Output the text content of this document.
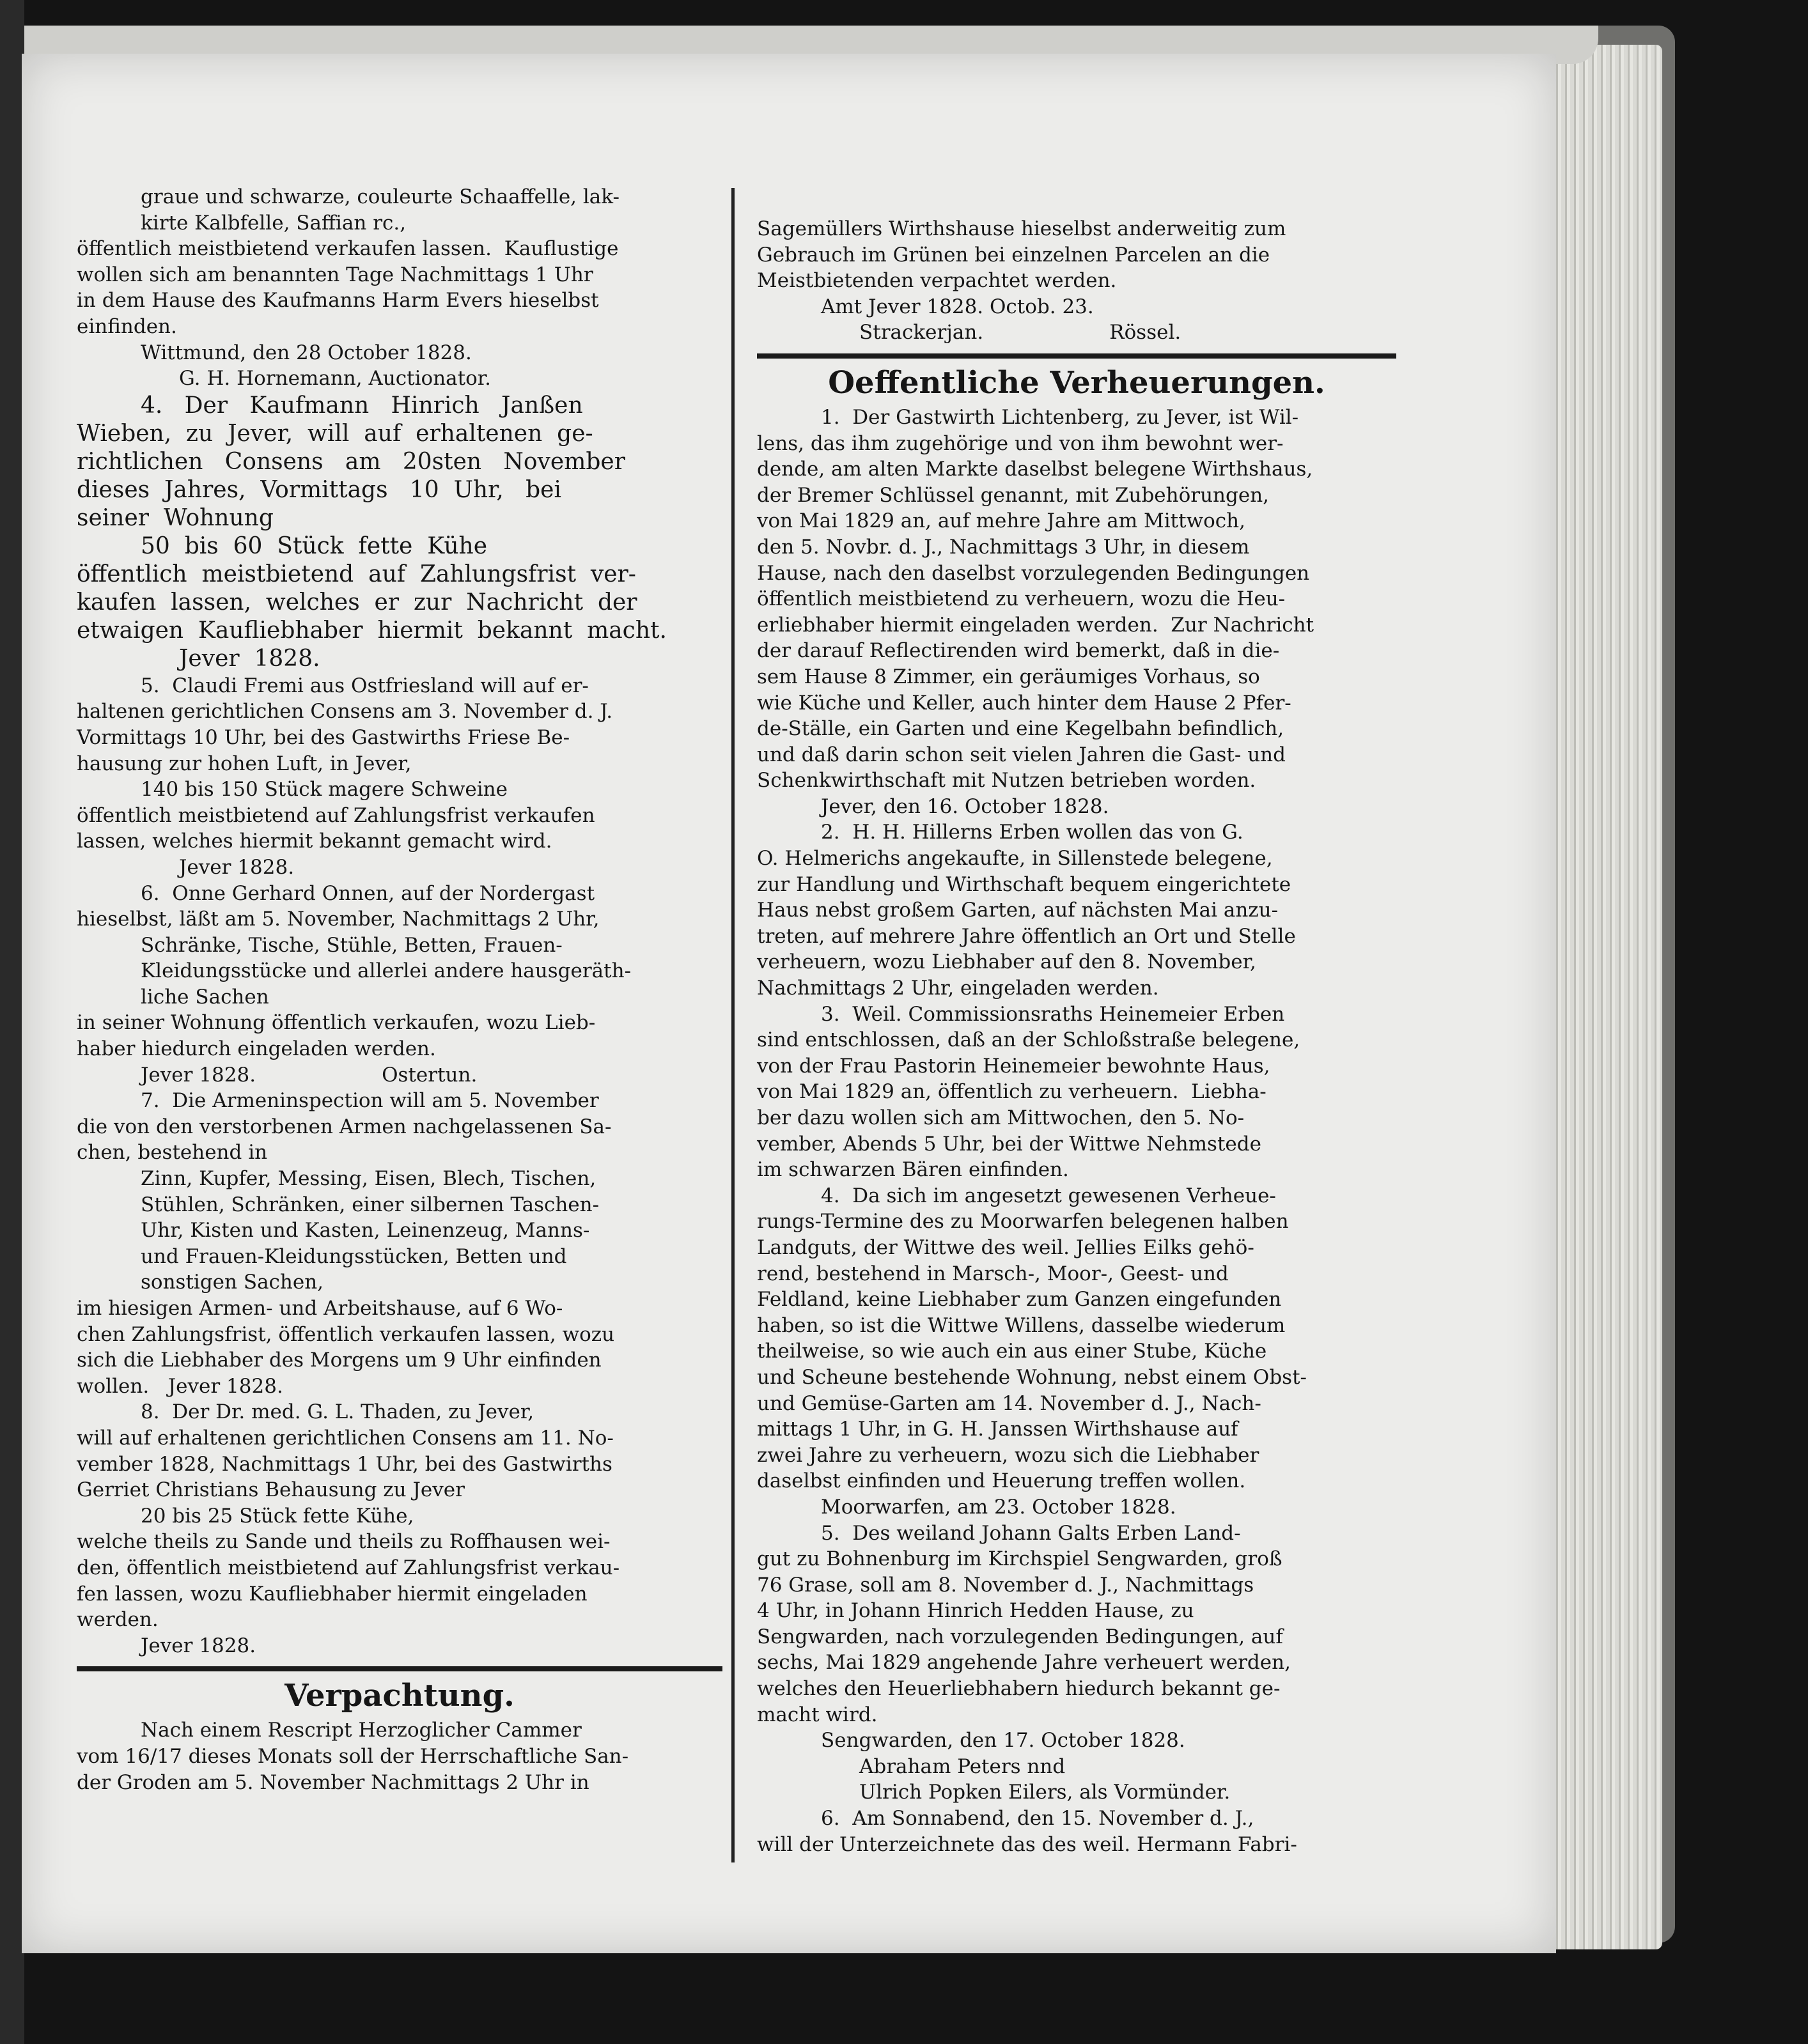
graue und schwarze, couleurte Schaaffelle, lak-

kirte Kalbfelle, Saffian rc.,

öffentlich meistbietend verkaufen lassen.  Kauflustige

wollen sich am benannten Tage Nachmittags 1 Uhr

in dem Hause des Kaufmanns Harm Evers hieselbst

einfinden.

Wittmund, den 28 October 1828.

G. H. Hornemann, Auctionator.

4.   Der   Kaufmann   Hinrich   Janßen

Wieben,  zu  Jever,  will  auf  erhaltenen  ge-

richtlichen   Consens   am   20sten   November

dieses  Jahres,  Vormittags   10  Uhr,   bei

seiner  Wohnung

50  bis  60  Stück  fette  Kühe

öffentlich  meistbietend  auf  Zahlungsfrist  ver-

kaufen  lassen,  welches  er  zur  Nachricht  der

etwaigen  Kaufliebhaber  hiermit  bekannt  macht.

Jever  1828.

5.  Claudi Fremi aus Ostfriesland will auf er-

haltenen gerichtlichen Consens am 3. November d. J.

Vormittags 10 Uhr, bei des Gastwirths Friese Be-

hausung zur hohen Luft, in Jever,

140 bis 150 Stück magere Schweine

öffentlich meistbietend auf Zahlungsfrist verkaufen

lassen, welches hiermit bekannt gemacht wird.

Jever 1828.

6.  Onne Gerhard Onnen, auf der Nordergast

hieselbst, läßt am 5. November, Nachmittags 2 Uhr,

Schränke, Tische, Stühle, Betten, Frauen-

Kleidungsstücke und allerlei andere hausgeräth-

liche Sachen

in seiner Wohnung öffentlich verkaufen, wozu Lieb-

haber hiedurch eingeladen werden.

Jever 1828.                    Ostertun.

7.  Die Armeninspection will am 5. November

die von den verstorbenen Armen nachgelassenen Sa-

chen, bestehend in

Zinn, Kupfer, Messing, Eisen, Blech, Tischen,

Stühlen, Schränken, einer silbernen Taschen-

Uhr, Kisten und Kasten, Leinenzeug, Manns-

und Frauen-Kleidungsstücken, Betten und

sonstigen Sachen,

im hiesigen Armen- und Arbeitshause, auf 6 Wo-

chen Zahlungsfrist, öffentlich verkaufen lassen, wozu

sich die Liebhaber des Morgens um 9 Uhr einfinden

wollen.   Jever 1828.

8.  Der Dr. med. G. L. Thaden, zu Jever,

will auf erhaltenen gerichtlichen Consens am 11. No-

vember 1828, Nachmittags 1 Uhr, bei des Gastwirths

Gerriet Christians Behausung zu Jever

20 bis 25 Stück fette Kühe,

welche theils zu Sande und theils zu Roffhausen wei-

den, öffentlich meistbietend auf Zahlungsfrist verkau-

fen lassen, wozu Kaufliebhaber hiermit eingeladen

werden.

Jever 1828.

Verpachtung.

Nach einem Rescript Herzoglicher Cammer

vom 16/17 dieses Monats soll der Herrschaftliche San-

der Groden am 5. November Nachmittags 2 Uhr in

Sagemüllers Wirthshause hieselbst anderweitig zum

Gebrauch im Grünen bei einzelnen Parcelen an die

Meistbietenden verpachtet werden.

Amt Jever 1828. Octob. 23.

Strackerjan.                    Rössel.

Oeffentliche Verheuerungen.

1.  Der Gastwirth Lichtenberg, zu Jever, ist Wil-

lens, das ihm zugehörige und von ihm bewohnt wer-

dende, am alten Markte daselbst belegene Wirthshaus,

der Bremer Schlüssel genannt, mit Zubehörungen,

von Mai 1829 an, auf mehre Jahre am Mittwoch,

den 5. Novbr. d. J., Nachmittags 3 Uhr, in diesem

Hause, nach den daselbst vorzulegenden Bedingungen

öffentlich meistbietend zu verheuern, wozu die Heu-

erliebhaber hiermit eingeladen werden.  Zur Nachricht

der darauf Reflectirenden wird bemerkt, daß in die-

sem Hause 8 Zimmer, ein geräumiges Vorhaus, so

wie Küche und Keller, auch hinter dem Hause 2 Pfer-

de-Ställe, ein Garten und eine Kegelbahn befindlich,

und daß darin schon seit vielen Jahren die Gast- und

Schenkwirthschaft mit Nutzen betrieben worden.

Jever, den 16. October 1828.

2.  H. H. Hillerns Erben wollen das von G.

O. Helmerichs angekaufte, in Sillenstede belegene,

zur Handlung und Wirthschaft bequem eingerichtete

Haus nebst großem Garten, auf nächsten Mai anzu-

treten, auf mehrere Jahre öffentlich an Ort und Stelle

verheuern, wozu Liebhaber auf den 8. November,

Nachmittags 2 Uhr, eingeladen werden.

3.  Weil. Commissionsraths Heinemeier Erben

sind entschlossen, daß an der Schloßstraße belegene,

von der Frau Pastorin Heinemeier bewohnte Haus,

von Mai 1829 an, öffentlich zu verheuern.  Liebha-

ber dazu wollen sich am Mittwochen, den 5. No-

vember, Abends 5 Uhr, bei der Wittwe Nehmstede

im schwarzen Bären einfinden.

4.  Da sich im angesetzt gewesenen Verheue-

rungs-Termine des zu Moorwarfen belegenen halben

Landguts, der Wittwe des weil. Jellies Eilks gehö-

rend, bestehend in Marsch-, Moor-, Geest- und

Feldland, keine Liebhaber zum Ganzen eingefunden

haben, so ist die Wittwe Willens, dasselbe wiederum

theilweise, so wie auch ein aus einer Stube, Küche

und Scheune bestehende Wohnung, nebst einem Obst-

und Gemüse-Garten am 14. November d. J., Nach-

mittags 1 Uhr, in G. H. Janssen Wirthshause auf

zwei Jahre zu verheuern, wozu sich die Liebhaber

daselbst einfinden und Heuerung treffen wollen.

Moorwarfen, am 23. October 1828.

5.  Des weiland Johann Galts Erben Land-

gut zu Bohnenburg im Kirchspiel Sengwarden, groß

76 Grase, soll am 8. November d. J., Nachmittags

4 Uhr, in Johann Hinrich Hedden Hause, zu

Sengwarden, nach vorzulegenden Bedingungen, auf

sechs, Mai 1829 angehende Jahre verheuert werden,

welches den Heuerliebhabern hiedurch bekannt ge-

macht wird.

Sengwarden, den 17. October 1828.

Abraham Peters nnd

Ulrich Popken Eilers, als Vormünder.

6.  Am Sonnabend, den 15. November d. J.,

will der Unterzeichnete das des weil. Hermann Fabri-
